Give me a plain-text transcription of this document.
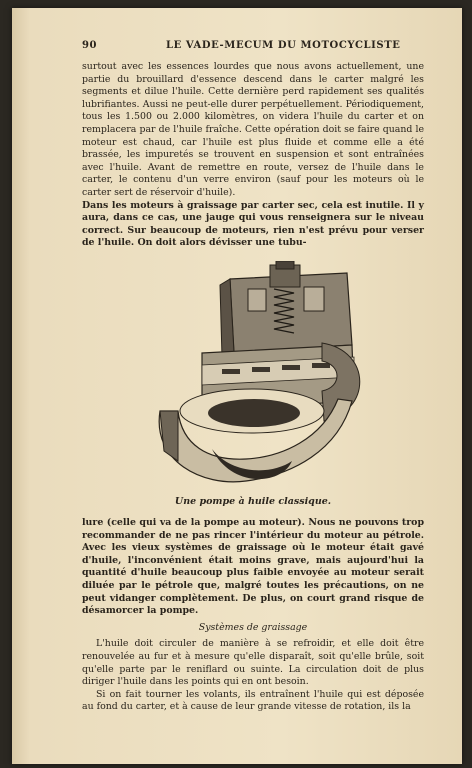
90	LE VADE-MECUM DU MOTOCYCLISTE

surtout avec les essences lourdes que nous avons actuellement, une partie du brouillard d'essence descend dans le carter malgré les segments et dilue l'huile. Cette dernière perd rapidement ses qualités lubrifiantes. Aussi ne peut-elle durer perpétuellement. Périodiquement, tous les 1.500 ou 2.000 kilomètres, on videra l'huile du carter et on remplacera par de l'huile fraîche. Cette opération doit se faire quand le moteur est chaud, car l'huile est plus fluide et comme elle a été brassée, les impuretés se trouvent en suspension et sont entraînées avec l'huile. Avant de remettre en route, versez de l'huile dans le carter, le contenu d'un verre environ (sauf pour les moteurs où le carter sert de réservoir d'huile).

Dans les moteurs à graissage par carter sec, cela est inutile. Il y aura, dans ce cas, une jauge qui vous renseignera sur le niveau correct. Sur beaucoup de moteurs, rien n'est prévu pour verser de l'huile. On doit alors dévisser une tubu-

Une pompe à huile classique.

lure (celle qui va de la pompe au moteur). Nous ne pouvons trop recommander de ne pas rincer l'intérieur du moteur au pétrole. Avec les vieux systèmes de graissage où le moteur était gavé d'huile, l'inconvénient était moins grave, mais aujourd'hui la quantité d'huile beaucoup plus faible envoyée au moteur serait diluée par le pétrole que, malgré toutes les précautions, on ne peut vidanger complètement. De plus, on court grand risque de désamorcer la pompe.

Systèmes de graissage

L'huile doit circuler de manière à se refroidir, et elle doit être renouvelée au fur et à mesure qu'elle disparaît, soit qu'elle brûle, soit qu'elle parte par le reniflard ou suinte. La circulation doit de plus diriger l'huile dans les points qui en ont besoin.

Si on fait tourner les volants, ils entraînent l'huile qui est déposée au fond du carter, et à cause de leur grande vitesse de rotation, ils la
